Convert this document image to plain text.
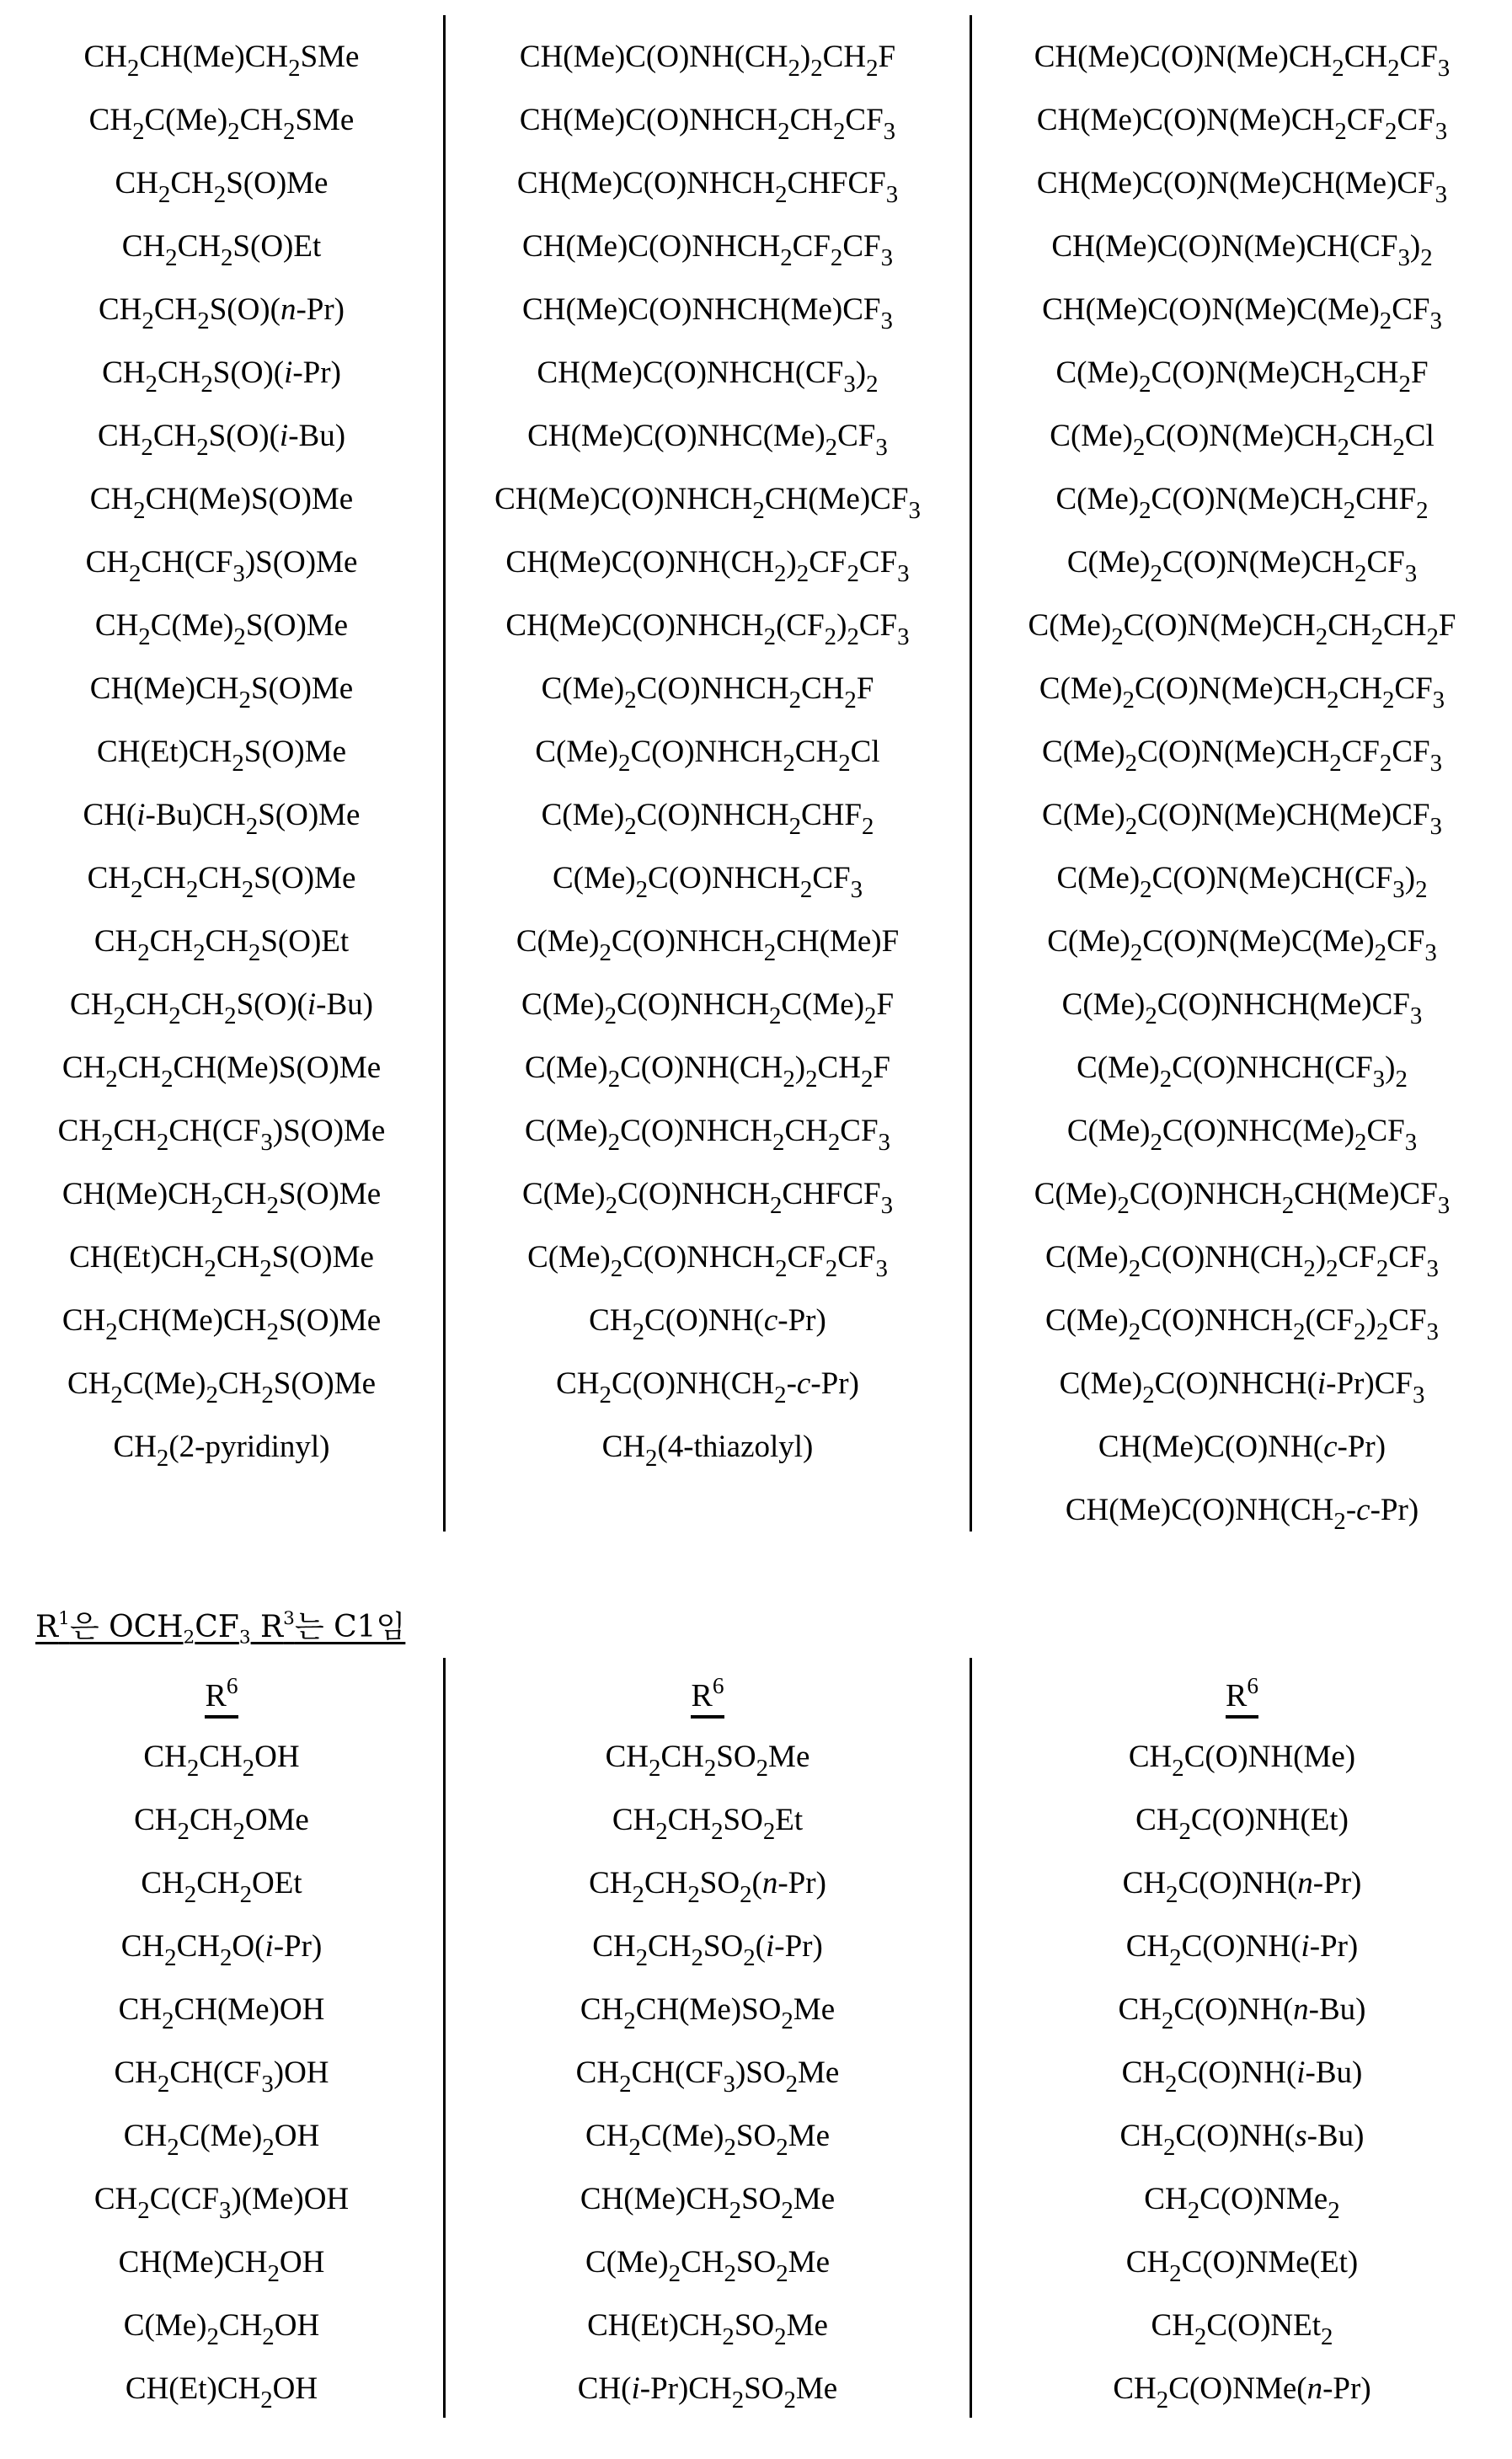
$CH_2CH(Me)CH_2SMe$
$CH_2C(Me)_2CH_2SMe$
$CH_2CH_2S(O)Me$
$CH_2CH_2S(O)Et$
$CH_2CH_2S(O)(n-Pr)$
$CH_2CH_2S(O)(i-Pr)$
$CH_2CH_2S(O)(i-Bu)$
$CH_2CH(Me)S(O)Me$
$CH_2CH(CF_3)S(O)Me$
$CH_2C(Me)_2S(O)Me$
$CH(Me)CH_2S(O)Me$
$CH(Et)CH_2S(O)Me$
$CH(i-Bu)CH_2S(O)Me$
$CH_2CH_2CH_2S(O)Me$
$CH_2CH_2CH_2S(O)Et$
$CH_2CH_2CH_2S(O)(i-Bu)$
$CH_2CH_2CH(Me)S(O)Me$
$CH_2CH_2CH(CF_3)S(O)Me$
$CH(Me)CH_2CH_2S(O)Me$
$CH(Et)CH_2CH_2S(O)Me$
$CH_2CH(Me)CH_2S(O)Me$
$CH_2C(Me)_2CH_2S(O)Me$
$CH_2(2-pyridinyl)$
$CH(Me)C(O)NH(CH_2)_2CH_2F$
$CH(Me)C(O)NHCH_2CH_2CF_3$
$CH(Me)C(O)NHCH_2CHFCF_3$
$CH(Me)C(O)NHCH_2CF_2CF_3$
$CH(Me)C(O)NHCH(Me)CF_3$
$CH(Me)C(O)NHCH(CF_3)_2$
$CH(Me)C(O)NHC(Me)_2CF_3$
$CH(Me)C(O)NHCH_2CH(Me)CF_3$
$CH(Me)C(O)NH(CH_2)_2CF_2CF_3$
$CH(Me)C(O)NHCH_2(CF_2)_2CF_3$
$C(Me)_2C(O)NHCH_2CH_2F$
$C(Me)_2C(O)NHCH_2CH_2Cl$
$C(Me)_2C(O)NHCH_2CHF_2$
$C(Me)_2C(O)NHCH_2CF_3$
$C(Me)_2C(O)NHCH_2CH(Me)F$
$C(Me)_2C(O)NHCH_2C(Me)_2F$
$C(Me)_2C(O)NH(CH_2)_2CH_2F$
$C(Me)_2C(O)NHCH_2CH_2CF_3$
$C(Me)_2C(O)NHCH_2CHFCF_3$
$C(Me)_2C(O)NHCH_2CF_2CF_3$
$CH_2C(O)NH(c-Pr)$
$CH_2C(O)NH(CH_2-c-Pr)$
$CH_2(4-thiazolyl)$
$CH(Me)C(O)N(Me)CH_2CH_2CF_3$
$CH(Me)C(O)N(Me)CH_2CF_2CF_3$
$CH(Me)C(O)N(Me)CH(Me)CF_3$
$CH(Me)C(O)N(Me)CH(CF_3)_2$
$CH(Me)C(O)N(Me)C(Me)_2CF_3$
$C(Me)_2C(O)N(Me)CH_2CH_2F$
$C(Me)_2C(O)N(Me)CH_2CH_2Cl$
$C(Me)_2C(O)N(Me)CH_2CHF_2$
$C(Me)_2C(O)N(Me)CH_2CF_3$
$C(Me)_2C(O)N(Me)CH_2CH_2CH_2F$
$C(Me)_2C(O)N(Me)CH_2CH_2CF_3$
$C(Me)_2C(O)N(Me)CH_2CF_2CF_3$
$C(Me)_2C(O)N(Me)CH(Me)CF_3$
$C(Me)_2C(O)N(Me)CH(CF_3)_2$
$C(Me)_2C(O)N(Me)C(Me)_2CF_3$
$C(Me)_2C(O)NHCH(Me)CF_3$
$C(Me)_2C(O)NHCH(CF_3)_2$
$C(Me)_2C(O)NHC(Me)_2CF_3$
$C(Me)_2C(O)NHCH_2CH(Me)CF_3$
$C(Me)_2C(O)NH(CH_2)_2CF_2CF_3$
$C(Me)_2C(O)NHCH_2(CF_2)_2CF_3$
$C(Me)_2C(O)NHCH(i-Pr)CF_3$
CH(Me)C(O)NH(c-Pr)
$CH(Me)C(O)NH(CH_2-c-Pr)$
$R^1$은 $OCH_2CF_3$ $R^3$는 C1임
$R^6$
$CH_2CH_2OH$
$CH_2CH_2OMe$
$CH_2CH_2OEt$
$CH_2CH_2O(i-Pr)$
$CH_2CH(Me)OH$
$CH_2CH(CF_3)OH$
$CH_2C(Me)_2OH$
$CH_2C(CF_3)(Me)OH$
$CH(Me)CH_2OH$
$C(Me)_2CH_2OH$
$CH(Et)CH_2OH$
$R^6$
$CH_2CH_2SO_2Me$
$CH_2CH_2SO_2Et$
$CH_2CH_2SO_2(n-Pr)$
$CH_2CH_2SO_2(i-Pr)$
$CH_2CH(Me)SO_2Me$
$CH_2CH(CF_3)SO_2Me$
$CH_2C(Me)_2SO_2Me$
$CH(Me)CH_2SO_2Me$
$C(Me)_2CH_2SO_2Me$
$CH(Et)CH_2SO_2Me$
$CH(i-Pr)CH_2SO_2Me$
$R^6$
$CH_2C(O)NH(Me)$
$CH_2C(O)NH(Et)$
$CH_2C(O)NH(n-Pr)$
$CH_2C(O)NH(i-Pr)$
$CH_2C(O)NH(n-Bu)$
$CH_2C(O)NH(i-Bu)$
$CH_2C(O)NH(s-Bu)$
$CH_2C(O)NMe_2$
$CH_2C(O)NMe(Et)$
$CH_2C(O)NEt_2$
$CH_2C(O)NMe(n-Pr)$
